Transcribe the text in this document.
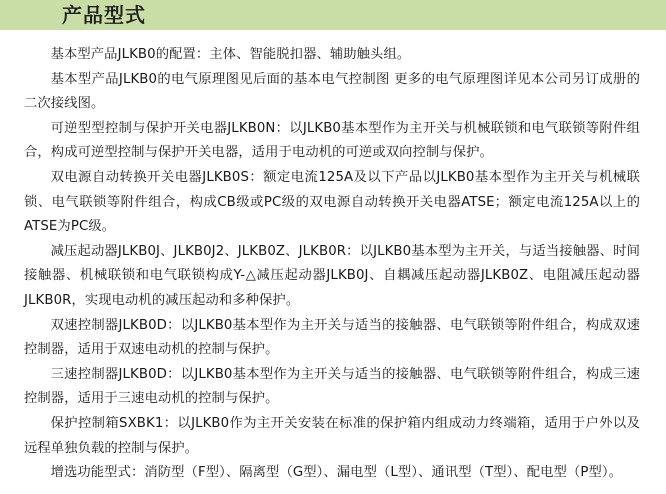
产品型式

基本型产品JLKB0的配置：主体、智能脱扣器、辅助触头组。

基本型产品JLKB0的电气原理图见后面的基本电气控制图 更多的电气原理图详见本公司另订成册的二次接线图。

可逆型型控制与保护开关电器JLKB0N：以JLKB0基本型作为主开关与机械联锁和电气联锁等附件组合，构成可逆型控制与保护开关电器，适用于电动机的可逆或双向控制与保护。

双电源自动转换开关电器JLKB0S：额定电流125A及以下产品以JLKB0基本型作为主开关与机械联锁、电气联锁等附件组合，构成CB级或PC级的双电源自动转换开关电器ATSE；额定电流125A以上的ATSE为PC级。

减压起动器JLKB0J、JLKB0J2、JLKB0Z、JLKB0R：以JLKB0基本型为主开关，与适当接触器、时间接触器、机械联锁和电气联锁构成Y-△减压起动器JLKB0J、自耦减压起动器JLKB0Z、电阻减压起动器JLKB0R，实现电动机的减压起动和多种保护。

双速控制器JLKB0D：以JLKB0基本型作为主开关与适当的接触器、电气联锁等附件组合，构成双速控制器，适用于双速电动机的控制与保护。

三速控制器JLKB0D：以JLKB0基本型作为主开关与适当的接触器、电气联锁等附件组合，构成三速控制器，适用于三速电动机的控制与保护。

保护控制箱SXBK1：以JLKB0作为主开关安装在标准的保护箱内组成动力终端箱，适用于户外以及远程单独负载的控制与保护。

增选功能型式：消防型（F型）、隔离型（G型）、漏电型（L型）、通讯型（T型）、配电型（P型）。
